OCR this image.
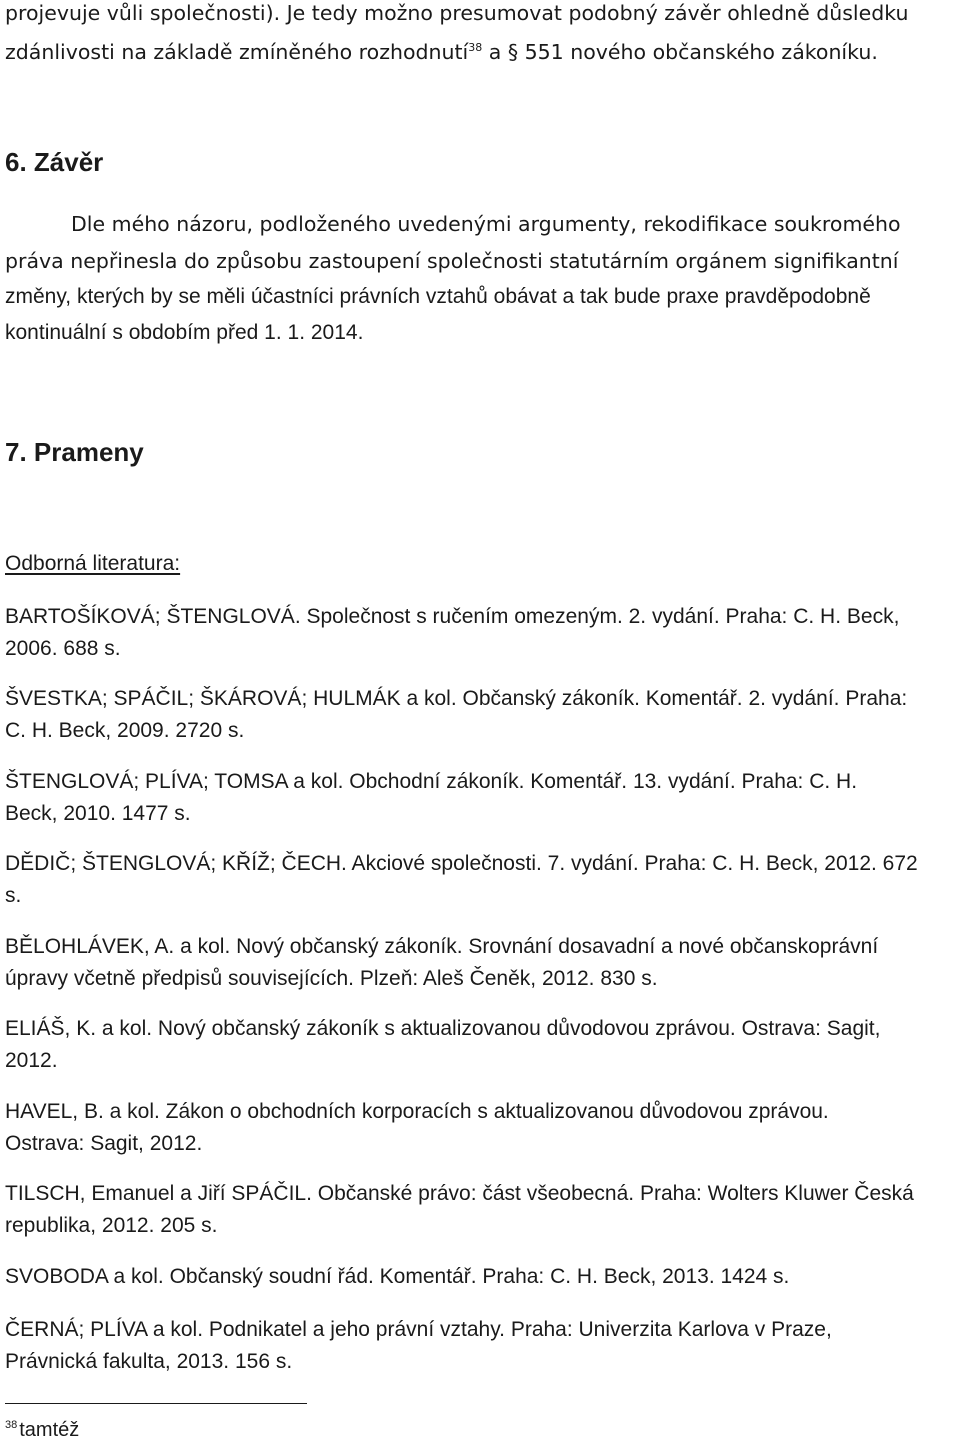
projevuje vůli společnosti). Je tedy možno presumovat podobný závěr ohledně důsledku
zdánlivosti na základě zmíněného rozhodnutí$^{38}$ a § 551 nového občanského zákoníku.
6. Závěr
Dle mého názoru, podloženého uvedenými argumenty, rekodifikace soukromého
práva nepřinesla do způsobu zastoupení společnosti statutárním orgánem signifikantní
změny, kterých by se měli účastníci právních vztahů obávat a tak bude praxe pravděpodobně
kontinuální s obdobím před 1. 1. 2014.
7. Prameny
Odborná literatura:
BARTOŠÍKOVÁ; ŠTENGLOVÁ. Společnost s ručením omezeným. 2. vydání. Praha: C. H. Beck,
2006. 688 s.
ŠVESTKA; SPÁČIL; ŠKÁROVÁ; HULMÁK a kol. Občanský zákoník. Komentář. 2. vydání. Praha:
C. H. Beck, 2009. 2720 s.
ŠTENGLOVÁ; PLÍVA; TOMSA a kol. Obchodní zákoník. Komentář. 13. vydání. Praha: C. H.
Beck, 2010. 1477 s.
DĚDIČ; ŠTENGLOVÁ; KŘÍŽ; ČECH. Akciové společnosti. 7. vydání. Praha: C. H. Beck, 2012. 672
s.
BĚLOHLÁVEK, A. a kol. Nový občanský zákoník. Srovnání dosavadní a nové občanskoprávní
úpravy včetně předpisů souvisejících. Plzeň: Aleš Čeněk, 2012. 830 s.
ELIÁŠ, K. a kol. Nový občanský zákoník s aktualizovanou důvodovou zprávou. Ostrava: Sagit,
2012.
HAVEL, B. a kol. Zákon o obchodních korporacích s aktualizovanou důvodovou zprávou.
Ostrava: Sagit, 2012.
TILSCH, Emanuel a Jiří SPÁČIL. Občanské právo: část všeobecná. Praha: Wolters Kluwer Česká
republika, 2012. 205 s.
SVOBODA a kol. Občanský soudní řád. Komentář. Praha: C. H. Beck, 2013. 1424 s.
ČERNÁ; PLÍVA a kol. Podnikatel a jeho právní vztahy. Praha: Univerzita Karlova v Praze,
Právnická fakulta, 2013. 156 s.
$^{38}$ tamtéž
